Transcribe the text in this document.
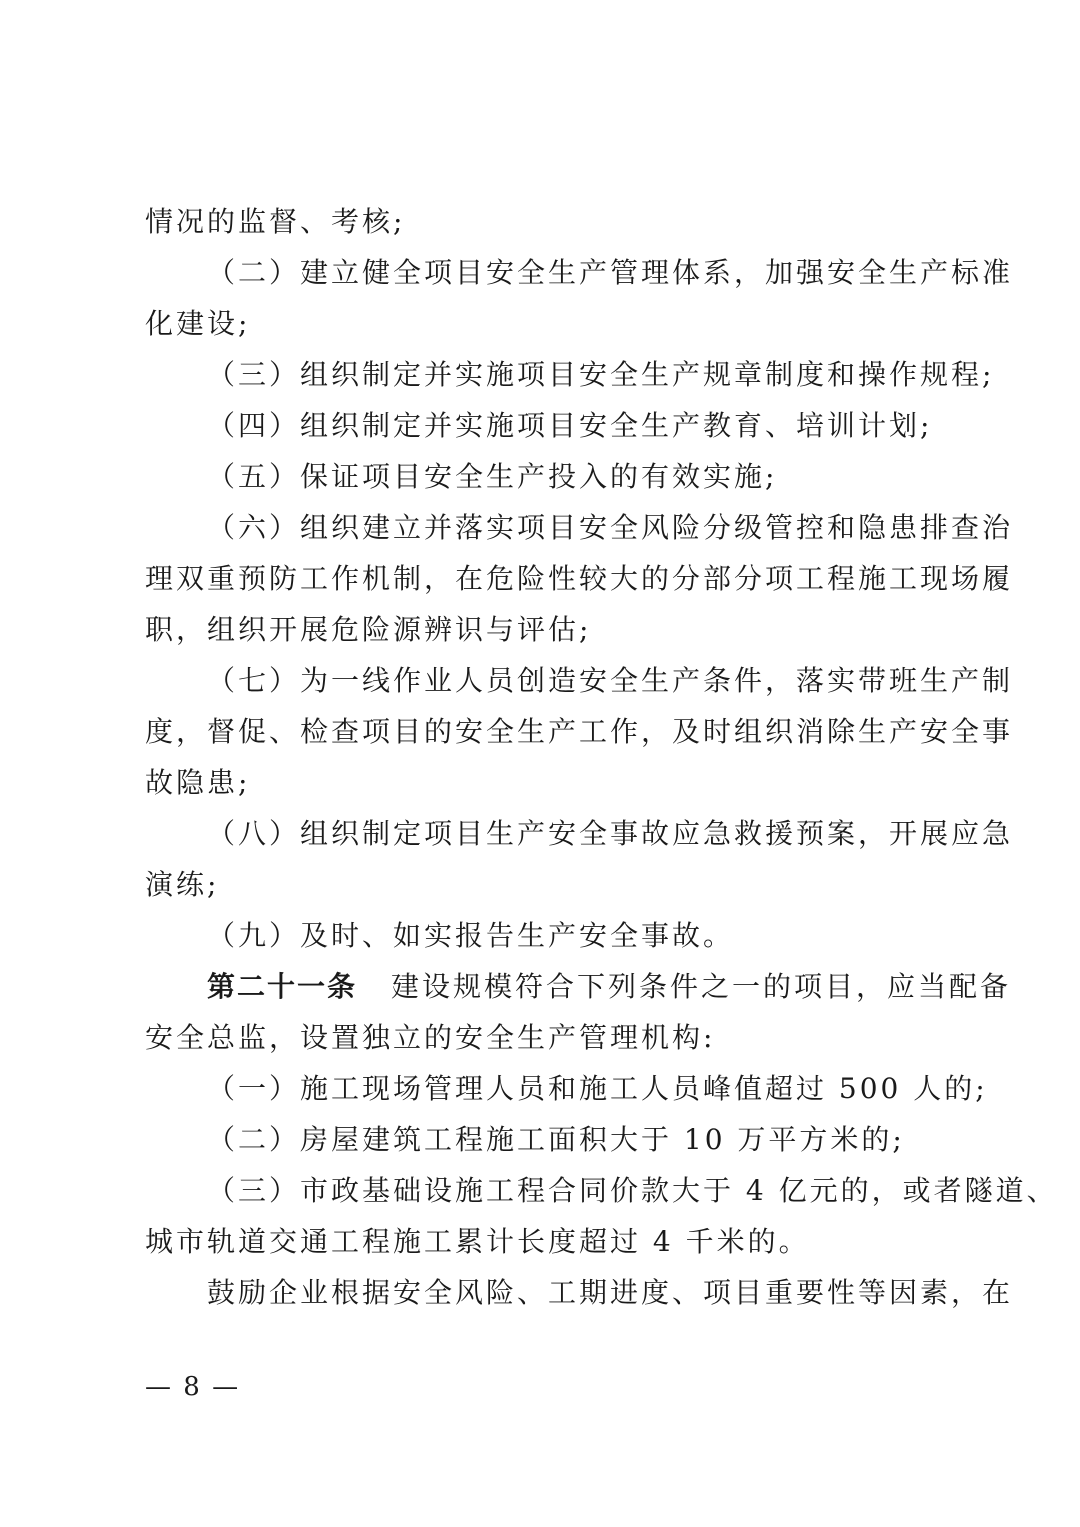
情况的监督、考核;
（二）建立健全项目安全生产管理体系，加强安全生产标准
化建设;
（三）组织制定并实施项目安全生产规章制度和操作规程;
（四）组织制定并实施项目安全生产教育、培训计划;
（五）保证项目安全生产投入的有效实施;
（六）组织建立并落实项目安全风险分级管控和隐患排查治
理双重预防工作机制，在危险性较大的分部分项工程施工现场履
职，组织开展危险源辨识与评估;
（七）为一线作业人员创造安全生产条件，落实带班生产制
度，督促、检查项目的安全生产工作，及时组织消除生产安全事
故隐患;
（八）组织制定项目生产安全事故应急救援预案，开展应急
演练;
（九）及时、如实报告生产安全事故。
第二十一条 建设规模符合下列条件之一的项目，应当配备
安全总监，设置独立的安全生产管理机构:
（一）施工现场管理人员和施工人员峰值超过 500 人的;
（二）房屋建筑工程施工面积大于 10 万平方米的;
（三）市政基础设施工程合同价款大于 4 亿元的，或者隧道、
城市轨道交通工程施工累计长度超过 4 千米的。
鼓励企业根据安全风险、工期进度、项目重要性等因素，在
— 8 —
